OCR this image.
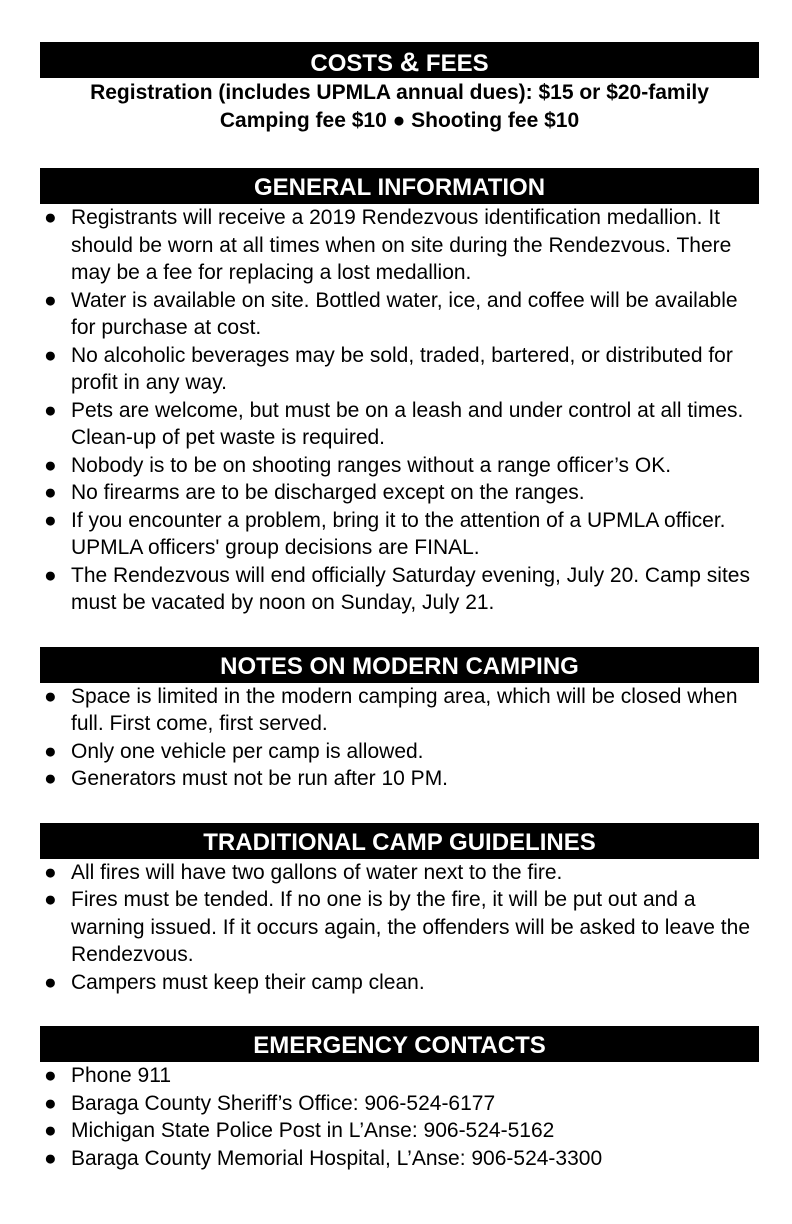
COSTS & FEES
Registration (includes UPMLA annual dues): $15 or $20-family
Camping fee $10 ● Shooting fee $10
GENERAL INFORMATION
● Registrants will receive a 2019 Rendezvous identification medallion. It should be worn at all times when on site during the Rendezvous. There may be a fee for replacing a lost medallion.
● Water is available on site. Bottled water, ice, and coffee will be available for purchase at cost.
● No alcoholic beverages may be sold, traded, bartered, or distributed for profit in any way.
● Pets are welcome, but must be on a leash and under control at all times. Clean-up of pet waste is required.
● Nobody is to be on shooting ranges without a range officer’s OK.
● No firearms are to be discharged except on the ranges.
● If you encounter a problem, bring it to the attention of a UPMLA officer. UPMLA officers' group decisions are FINAL.
● The Rendezvous will end officially Saturday evening, July 20. Camp sites must be vacated by noon on Sunday, July 21.
NOTES ON MODERN CAMPING
● Space is limited in the modern camping area, which will be closed when full. First come, first served.
● Only one vehicle per camp is allowed.
● Generators must not be run after 10 PM.
TRADITIONAL CAMP GUIDELINES
● All fires will have two gallons of water next to the fire.
● Fires must be tended. If no one is by the fire, it will be put out and a warning issued. If it occurs again, the offenders will be asked to leave the Rendezvous.
● Campers must keep their camp clean.
EMERGENCY CONTACTS
● Phone 911
● Baraga County Sheriff’s Office: 906-524-6177
● Michigan State Police Post in L’Anse: 906-524-5162
● Baraga County Memorial Hospital, L’Anse: 906-524-3300
